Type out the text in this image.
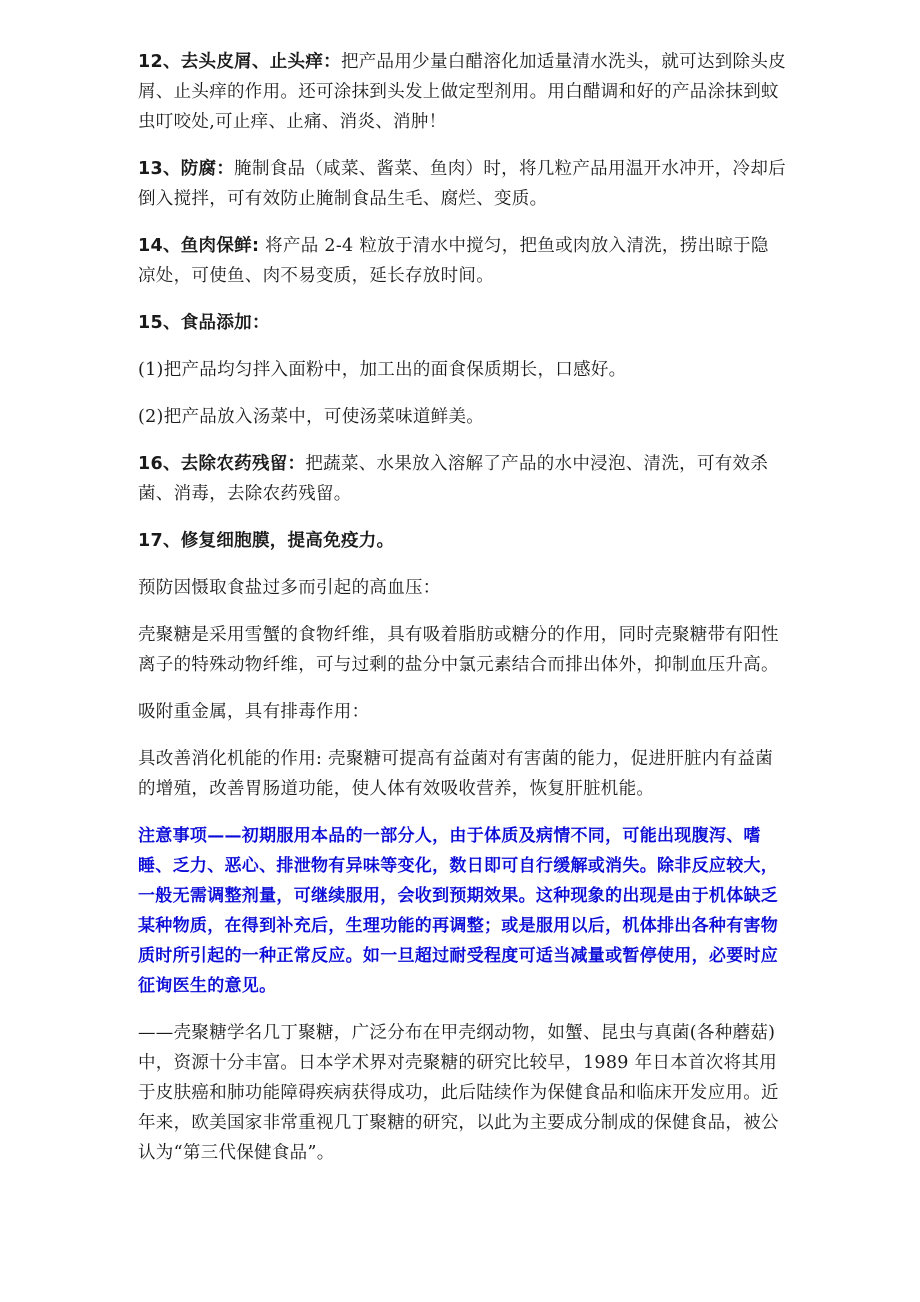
12、去头皮屑、止头痒：把产品用少量白醋溶化加适量清水洗头，就可达到除头皮屑、止头痒的作用。还可涂抹到头发上做定型剂用。用白醋调和好的产品涂抹到蚊虫叮咬处,可止痒、止痛、消炎、消肿！

13、防腐：腌制食品（咸菜、酱菜、鱼肉）时，将几粒产品用温开水冲开，冷却后倒入搅拌，可有效防止腌制食品生毛、腐烂、变质。

14、鱼肉保鲜: 将产品 2-4 粒放于清水中搅匀，把鱼或肉放入清洗，捞出晾于隐凉处，可使鱼、肉不易变质，延长存放时间。

15、食品添加：

(1)把产品均匀拌入面粉中，加工出的面食保质期长，口感好。

(2)把产品放入汤菜中，可使汤菜味道鲜美。

16、去除农药残留：把蔬菜、水果放入溶解了产品的水中浸泡、清洗，可有效杀菌、消毒，去除农药残留。

17、修复细胞膜，提高免疫力。

预防因慑取食盐过多而引起的高血压：

壳聚糖是采用雪蟹的食物纤维，具有吸着脂肪或糖分的作用，同时壳聚糖带有阳性离子的特殊动物纤维，可与过剩的盐分中氯元素结合而排出体外，抑制血压升高。

吸附重金属，具有排毒作用：

具改善消化机能的作用: 壳聚糖可提高有益菌对有害菌的能力，促进肝脏内有益菌的增殖，改善胃肠道功能，使人体有效吸收营养，恢复肝脏机能。

注意事项——初期服用本品的一部分人，由于体质及病情不同，可能出现腹泻、嗜睡、乏力、恶心、排泄物有异味等变化，数日即可自行缓解或消失。除非反应较大，一般无需调整剂量，可继续服用，会收到预期效果。这种现象的出现是由于机体缺乏某种物质，在得到补充后，生理功能的再调整；或是服用以后，机体排出各种有害物质时所引起的一种正常反应。如一旦超过耐受程度可适当减量或暂停使用，必要时应征询医生的意见。

——壳聚糖学名几丁聚糖，广泛分布在甲壳纲动物，如蟹、昆虫与真菌(各种蘑菇)中，资源十分丰富。日本学术界对壳聚糖的研究比较早，1989 年日本首次将其用于皮肤癌和肺功能障碍疾病获得成功，此后陆续作为保健食品和临床开发应用。近年来，欧美国家非常重视几丁聚糖的研究，以此为主要成分制成的保健食品，被公认为“第三代保健食品”。
